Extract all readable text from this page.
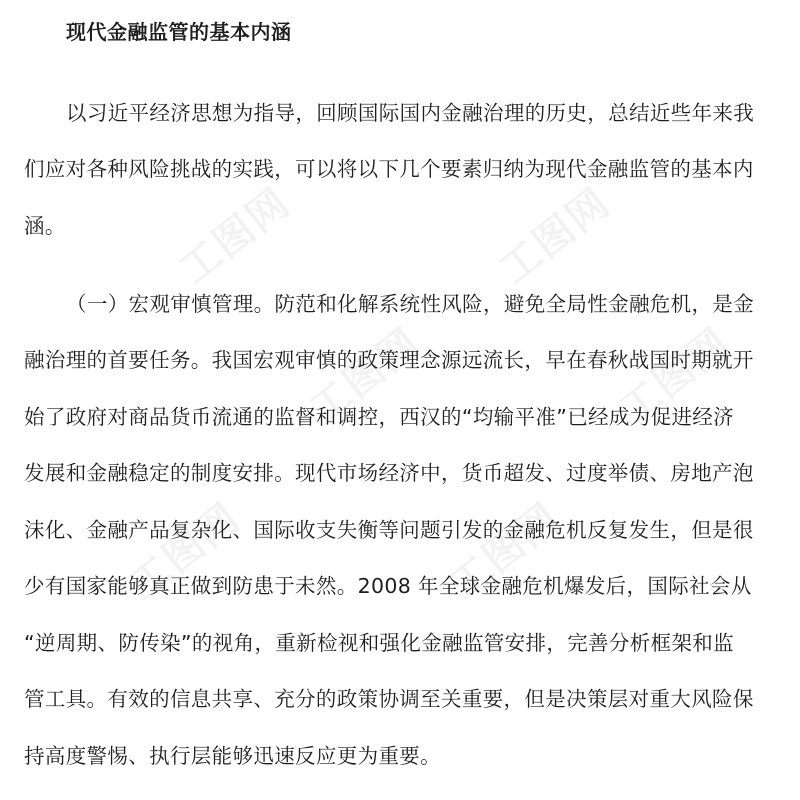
工图网	工图网
工图网	工图网
工图网	工图网
现代金融监管的基本内涵
以习近平经济思想为指导，回顾国际国内金融治理的历史，总结近些年来我
们应对各种风险挑战的实践，可以将以下几个要素归纳为现代金融监管的基本内
涵。
（一）宏观审慎管理。防范和化解系统性风险，避免全局性金融危机，是金
融治理的首要任务。我国宏观审慎的政策理念源远流长，早在春秋战国时期就开
始了政府对商品货币流通的监督和调控，西汉的“均输平准”已经成为促进经济
发展和金融稳定的制度安排。现代市场经济中，货币超发、过度举债、房地产泡
沫化、金融产品复杂化、国际收支失衡等问题引发的金融危机反复发生，但是很
少有国家能够真正做到防患于未然。2008 年全球金融危机爆发后，国际社会从
“逆周期、防传染”的视角，重新检视和强化金融监管安排，完善分析框架和监
管工具。有效的信息共享、充分的政策协调至关重要，但是决策层对重大风险保
持高度警惕、执行层能够迅速反应更为重要。
